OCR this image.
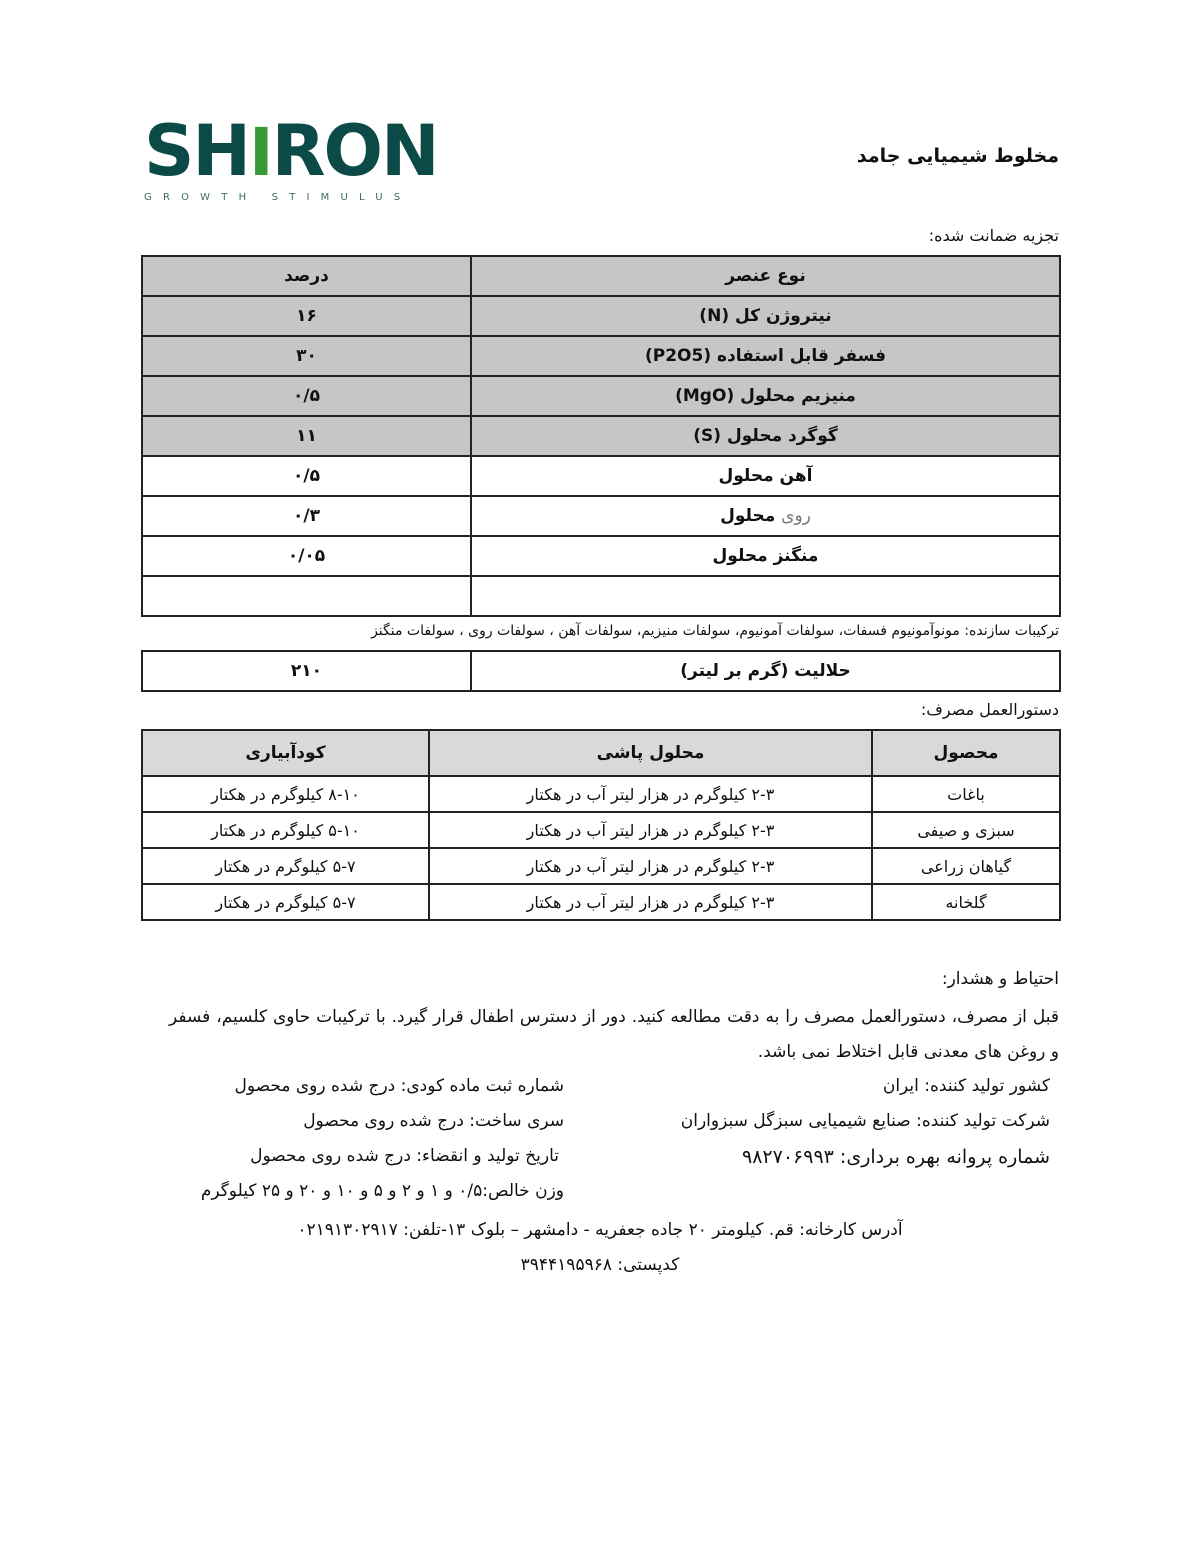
SHIRON
GROWTH STIMULUS
مخلوط شیمیایی جامد
تجزیه ضمانت شده:
نوع عنصر	درصد
نیتروژن کل (N)	۱۶
فسفر قابل استفاده (P2O5)	۳۰
منیزیم محلول (MgO)	۰/۵
گوگرد محلول (S)	۱۱
آهن محلول	۰/۵
روی محلول	۰/۳
منگنز محلول	۰/۰۵

ترکیبات سازنده: مونوآمونیوم فسفات، سولفات آمونیوم، سولفات منیزیم، سولفات آهن ، سولفات روی ، سولفات منگنز
حلالیت (گرم بر لیتر)	۲۱۰
دستورالعمل مصرف:
محصول	محلول پاشی	کودآبیاری
باغات	۲-۳ کیلوگرم در هزار لیتر آب در هکتار	۸-۱۰ کیلوگرم در هکتار
سبزی و صیفی	۲-۳ کیلوگرم در هزار لیتر آب در هکتار	۵-۱۰ کیلوگرم در هکتار
گیاهان زراعی	۲-۳ کیلوگرم در هزار لیتر آب در هکتار	۵-۷ کیلوگرم در هکتار
گلخانه	۲-۳ کیلوگرم در هزار لیتر آب در هکتار	۵-۷ کیلوگرم در هکتار
احتیاط و هشدار:
قبل از مصرف، دستورالعمل مصرف را به دقت مطالعه کنید. دور از دسترس اطفال قرار گیرد. با ترکیبات حاوی کلسیم، فسفر و روغن های معدنی قابل اختلاط نمی باشد.
کشور تولید کننده: ایران
شرکت تولید کننده: صنایع شیمیایی سبزگل سبزواران
شماره پروانه بهره برداری: ۹۸۲۷۰۶۹۹۳
شماره ثبت ماده کودی: درج شده روی محصول
سری ساخت: درج شده روی محصول
تاریخ تولید و انقضاء: درج شده روی محصول
وزن خالص:۰/۵ و ۱ و ۲ و ۵ و ۱۰ و ۲۰ و ۲۵ کیلوگرم
آدرس کارخانه: قم. کیلومتر ۲۰ جاده جعفریه - دامشهر – بلوک ۱۳-تلفن: ۰۲۱۹۱۳۰۲۹۱۷
کدپستی: ۳۹۴۴۱۹۵۹۶۸
